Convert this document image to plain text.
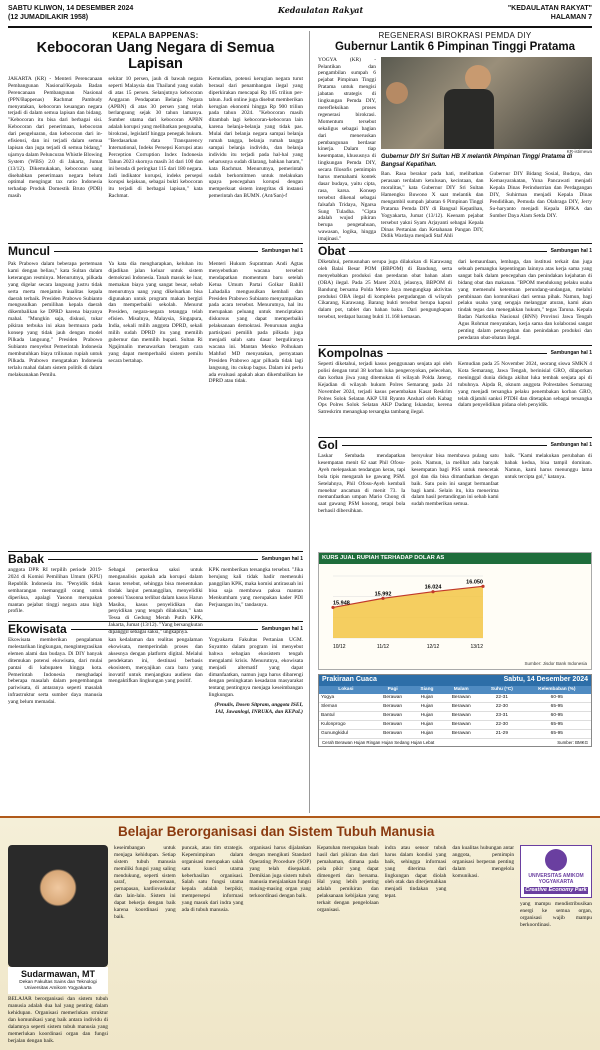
SABTU KLIWON, 14 DESEMBER 2024
(12 JUMADILAKIR 1958)
Kedaulatan Rakyat	"KEDAULATAN RAKYAT"
HALAMAN 7
KEPALA BAPPENAS:
Kebocoran Uang Negara di Semua Lapisan
JAKARTA (KR) - Menteri Perencanaan Pembangunan Nasional/Kepala Badan Perencanaan Pembangunan Nasional (PPN/Bappenas) Rachmat Pambudy menyatakan, kebocoran keuangan negara terjadi di dalam semua lapisan dan bidang. "Kebocoran itu bisa dari berbagai sisi. Kebocoran dari penerimaan, kebocoran dari pengeluaran, dan kebocoran dari in-efisiensi, dan ini terjadi dalam semua lapisan dan juga terjadi di semua bidang," ujarnya dalam Peluncuran Whistle Blowing System (WBS) 2.0 di Jakarta, Jumat (13/12). Dikemukakan, kebocoran uang disebabkan penerimaan negara belum optimal mengingat tax ratio Indonesia terhadap Produk Domestik Bruto (PDB) masih
sekitar 10 persen, jauh di bawah negara seperti Malaysia dan Thailand yang sudah di atas 15 persen. Selanjutnya kebocoran Anggaran Pendapatan Belanja Negara (APBN) di atas 30 persen yang telah berlangsung sejak 30 tahun lamanya. Sumber utama dari kebocoran APBN adalah korupsi yang melibatkan pengusaha, birokrasi, legislatif hingga penegak hukum. "Berdasarkan data Transparency International, Indeks Persepsi Korupsi atau Perception Corruption Index Indonesia Tahun 2023 skornya masih 34 dari 100 dan ini berada di peringkat 115 dari 180 negara. Jadi indikator korupsi, indeks persepsi korupsi kejaksan, sebagai bukti kebocoran itu terjadi di berbagai lapisan," kata Rachmat.
Kemudian, potensi kerugian negara turut berasal dari penambangan ilegal yang diperkirakan mencapai Rp 105 triliun per-tahun. Judi online juga disebut memberikan kerugian ekonomi hingga Rp 900 triliun pada tahun 2024. "Kebocoran masih ditambah lagi kebocoran-kebocoran lain karena belanja-belanja yang tidak pas. Mulai dari belanja negara sampai belanja rumah tangga, belanja rumah tangga sampai belanja individu, dan belanja individu itu terjadi pada hal-hal yang seharusnya sudah dilarang, bahkan haram," kata Rachmat. Menurutnya, pemerintah sudah berkomitmen untuk melakukan upaya pencegahan korupsi dengan memperkuat sistem integritas di instansi pemerintah dan BUMN. (Ant/San)-f
REGENERASI BIROKRASI PEMDA DIY
Gubernur Lantik 6 Pimpinan Tinggi Pratama
YOGYA (KR) - Pelantikan dan pengambilan sumpah 6 pejabat Pimpinan Tinggi Pratama untuk mengisi jabatan strategis di lingkungan Pemda DIY, merefleksikan proses regenerasi birokrasi. Momentum tersebut sekaligus sebagai bagian dari meneruskan pembangunan berdasar kinerja. Dalam tiap kesempatan, khususnya di lingkungan Pemda DIY, secara filosofis pemimpin harus memahami kontek dasar budaya, yaitu cipta, rasa, karsa. Konsep tersebut dikenal sebagai falsafah Tridaya, Ngarsa Sung Tuladha. "Cipta adalah wujud pikiran berupa pengetahuan, wawasan, logika, hingga imajinasi."
KR-istimewa
Gubernur DIY Sri Sultan HB X melantik Pimpinan Tinggi Pratama di Bangsal Kepatihan.
Ban. Rasa berakar pada hati, melibatkan perasaan terdalam ketulusan, kecintaan, dan moralitas," kata Gubernur DIY Sri Sultan Hamengku Buwono X saat melantik dan mengambil sumpah jabatan 6 Pimpinan Tinggi Pratama Pemda DIY di Bangsal Kepatihan, Yogyakarta, Jumat (13/12). Keenam pejabat tersebut yakni Syam Arjayanti sebagai Kepala Dinas Pertanian dan Ketahanan Pangan DIY, Didik Wardaya menjadi Staf Ahli
Gubernur DIY Bidang Sosial, Budaya, dan Kemasyarakatan, Yuna Pancawati menjadi Kepala Dinas Perindustrian dan Perdagangan DIY, Suhirman menjadi Kepala Dinas Pendidikan, Pemuda dan Olahraga DIY, Jerry Su-haryanto menjadi Kepala BPKA dan Sumber Daya Alam Setda DIY.
Muncul	Sambungan hal 1
Pak Prabowo dalam beberapa pertemuan kami dengan beliau," kata Sultan dalam keterangan resminya. Menurutnya, pilkada yang digelar secara langsung justru tidak serta merta menjamin kualitas kepala daerah terbaik. Presiden Prabowo Subianto mengusulkan pemilihan kepala daerah dikembalikan ke DPRD karena biayanya mahal. "Mungkin saja, diskusi, tukar pikiran terbuka ini akan bermuara pada konsep yang tidak jauh dengan model Pilkada langsung." Presiden Prabowo Subianto menyebut Pemerintah Indonesia membutuhkan biaya triliunan rupiah untuk Pilkada. Prabowo mengatakan Indonesia terlalu mahal dalam sistem politik di dalam melaksanakan Pemilu.
Ya kata dia mengharapkan, keluhan itu dijadikan jalan keluar untuk sistem demokrasi Indonesia. Tanah masuk ke luar, memakan biaya yang sangat besar, sebab menurutnya uang yang dikeluarkan bisa digunakan untuk program makan bergizi dan memperbaiki sekolah. Menurut Presiden, negara-negara tetangga telah efisien. Misalnya, Malaysia, Singapura, India, sekali milih anggota DPRD, sekali milih sudah DPRD itu yang memilih gubernur dan memilih bupati. Sultan Ri Ngajimalin menawarkan beragam cara yang dapat memperbaiki sistem pemilu secara bertahap.
Menteri Hukum Supratman Andi Agtas menyebutkan wacana tersebut mendapatkan momentum baru setelah Ketua Umum Partai Golkar Bahlil Lahadalia mengusulkan kembali dan Presiden Prabowo Subianto menyampaikan pada acara tersebut. Menurutnya, hal itu merupakan peluang untuk menciptakan diskursus yang dapat memperbaiki pelaksanaan demokrasi. Penurunan angka partisipasi pemilih pada pilkada juga menjadi salah satu dasar berguliranya wacana ini. Mantan Menko Polhukam Mahfud MD menyatakan, pernyataan Presiden Prabowo agar pilkada tidak lagi langsung, itu cukup bagus. Dalam ini perlu ada evaluasi apakah akan dikembalikan ke DPRD atau tidak.
Obat	Sambungan hal 1
Diketahui, pemusnahan serupa juga dilakukan di Karawang oleh Balai Besar POM (BBPOM) di Bandung, serta menyebabkan produksi dan peredaran obat bahan alam (OBA) ilegal. Pada 25 Maret 2024, jelasnya, BBPOM di Bandung bersama Polda Metro Jaya mengungkap aktivitas produksi OBA ilegal di kompleks pergudangan di wilayah Cikarang, Karawang. Barang bukti tersebut berupa kapsul dalam pot, tablet dan bahan baku. Dari pengungkapan tersebut, terdapat barang bukti 11.168 kemasan.
dari kemaurdaan, lembaga, dan institusi terkait dan juga sebuah pemangku kepentingan lainnya atas kerja sama yang sangat baik dalam pencegahan dan penindakan kejahatan di bidang obat dan makanan. "BPOM mendukung pelaku usaha yang memenuhi ketentuan perundang-undangan, melalui pembinaan dan komunikasi dari semua pihak. Namun, bagi pelaku usaha yang sengaja melanggar aturan, kami akan tindak tegas dan menegakkan hukum," tegas Taruna. Kepala Badan Narkotika Nasional (BNN) Provinsi Jawa Tengah Agus Rohmat menyatakan, kerja sama dan kolaborasi sangat penting dalam pencegahan dan penindakan produksi dan peredaran obat-obatan ilegal.
Kompolnas	Sambungan hal 1
Seperti diketahui, terjadi kasus penggunaan senjata api oleh polisi dengan total 38 korban luka pengeroyokan, pelecehan, dan korban jiwa yang ditemukan di wilayah Polda Jateng. Kejadian di wilayah hukum Polres Semarang pada 24 November 2024, terjadi kasus penembakan Kasat Reskrim Polres Solok Selatan AKP Ulil Ryanto Anshari oleh Kabag Ops Polres Solok Selatan AKP Dadang Iskandar, kerena Satreskrim menangkap tersangka tambang ilegal.
Kemudian pada 25 November 2024, seorang siswa SMKN 4 Kota Semarang, Jawa Tengah, berinisial GRO, dilaporkan meninggal dunia diduga akibat luka tembak senjata api di tubuhnya. Aipda R, oknum anggota Polrestabes Semarang yang menjadi tersangka pelaku penembakan korban GRO, telah dijatuhi sanksi PTDH dan ditetapkan sebagai tersangka dalam penyelidikan pidana oleh penyidik.
Gol	Sambungan hal 1
Laskar Sembada mendapatkan kesempatan menit 62 saat Phil Ofosu-Ayeh melepaskan tendangan keras, tapi bola tipis mengarah ke gawang PSM. Setelahnya, Phil Ofosu-Ayeh kembali menebar ancaman di menit 73. Ia memanfaatkan umpan Mario Chong di saat gawang PSM kosong, tetapi bola berhasil dibersihkan.
bersyukur bisa membawa pulang satu poin. Namun, ia melihat ada banyak kesempatan bagi PSS untuk mencetak gol dan dia bisa dimanfaatkan dengan baik. Satu poin ini sangat bermanfaat bagi kami. Selain itu, kita menerima dalam hasil pertandingan ini sebab kami sudah memberikan semua.
baik. "Kami melakukan perubahan di babak kedua, bisa tampil dominan. Namun, kami harus menunggu lama untuk tercipta gol," katanya.
Babak	Sambungan hal 1
anggota DPR RI terpilih periode 2019-2024 di Komisi Pemilihan Umum (KPU) Republik Indonesia itu. "Penyidik tidak sembarangan memanggil orang untuk diperiksa, apalagi Yasonn merupakan mantan pejabat tinggi negara atau high profile.
Sebagai pemeriksa saksi untuk menganalisis apakah ada korupsi dalam kasus tersebut, sehingga bisa menentukan tindak lanjut pemanggilan, menyelidiki potensi Yasonna terlibat dalam kasus Harun Masiku, kasus penyelidikan dan penyidikan yang tengah dilakukan," kata Tessa di Gedung Merah Putih KPK, Jakarta, Jumat (13/12). "Yang bersangkutan dipanggil sebagai saksi," ungkapnya.
KPK memberikan tersangka tersebut. "Jika berujung kali tidak hadir memenuhi panggilan KPK, maka komisi antirasuah ini bisa saja membawa paksa mantan Menkumham yang merupakan kader PDI Perjuangan itu," tandasnya.
Ekowisata	Sambungan hal 1
Ekowisata memberikan pengalaman melestarikan lingkungan, mengintegrasikan elemen alami dan budaya. Di DIY banyak ditemukan potensi ekowisata, dari mulai pantai di kabupaten hingga kota. Pemerintah Indonesia menghadapi beberapa masalah dalam pengembangan pariwisata, di antaranya seperti masalah infrastruktur serta sumber daya manusia yang belum memadai.
kan kedalaman dan realitas pengalaman ekowisata, memperindah proses dan aksesnya dengan platform digital. Melalui pendekatan ini, destinasi berbasis ekosistem, menyajikan cara baru yang inovatif untuk menjangkau audiens dan mengaktifkan lingkungan yang positif.
Yogyakarta Fakultas Pertanian UGM. Suyamto dalam program ini menyebut bahwa sebagian ekosistem tengah mengalami krisis. Menurutnya, ekowisata menjadi alternatif yang dapat dimanfaatkan, namun juga harus dibarengi dengan peningkatan kesadaran masyarakat tentang pentingnya menjaga keseimbangan lingkungan.
(Penulis, Dosen Sitpram, anggota ISEI, IAI, Jawanlogi, INRUKA, dan KEPaL)
KURS JUAL RUPIAH TERHADAP DOLAR AS
15.948
10/12
15.992
11/12
16.024
12/12
16.050
13/12
Sumber: Jisdor Bank Indonesia
Prakiraan Cuaca	Sabtu, 14 Desember 2024
Lokasi	Pagi	Siang	Malam	Suhu (°C)	Kelembaban (%)
Yogya	Berawan	Hujan	Berawan	22-31	60-95
Sleman	Berawan	Hujan	Berawan	22-30	65-95
Bantul	Berawan	Hujan	Berawan	23-31	60-95
Kulonprogo	Berawan	Hujan	Berawan	22-30	65-95
Gunungkidul	Berawan	Hujan	Berawan	21-29	65-95
Cerah Berawan Hujan Ringan Hujan Sedang Hujan Lebat	Sumber: BMKG
Belajar Berorganisasi dan Sistem Tubuh Manusia
Sudarmawan, MT
Dekan Fakultas Sains dan Teknologi Universitas Amikom Yogyakarta
BELAJAR berorganisasi dan sistem tubuh manusia adalah dua hal yang penting dalam kehidupan. Organisasi memerlukan struktur dan komunikasi yang baik antara individu di dalamnya seperti sistem tubuh manusia yang memerlukan koordinasi organ dan fungsi berjalan dengan baik.
keseimbangan untuk menjaga kehidupan. Setiap sistem tubuh manusia memiliki fungsi yang saling mendukung, seperti sistem saraf, pencernaan, pernapasan, kardiovaskular dan lain-lain. Sistem ini dapat bekerja dengan baik karena koordinasi yang baik.
puncak, atau tim strategis. Kepemimpinan dalam organisasi merupakan salah satu kunci utama keberhasilan organisasi. Salah satu fungsi utama kepala adalah berpikir, mempersepsi informasi yang masuk dari indra yang ada di tubuh manusia.
organisasi harus dijalankan dengan mengikuti Standard Operating Procedure (SOP) yang telah disepakati. Demikian juga sistem tubuh manusia menjalankan fungsi masing-masing organ yang terkoordinasi dengan baik.
Kepatuhan merupakan buah hasil dari pikiran dan dari pemahaman, dimana pada pola pikir yang dapat dimengerti dan bersama. Hal yang lebih penting adalah pemikiran dan pelaksanaan kebijakan yang terkait dengan pengelolaan organisasi.
indra atau sensor tubuh harus dalam kondisi yang baik, sehingga informasi yang diterima dari lingkungan dapat diolah oleh otak dan diterjemahkan menjadi tindakan yang tepat.
dan kualitas hubungan antar anggota, pemimpin organisasi berperan penting dalam mengelola komunikasi.	UNIVERSITAS AMIKOM YOGYAKARTA
Creative Economy Park
yang mampu mendistribusikan energi ke semua organ, organisasi wajib mampu berkoordinasi.
